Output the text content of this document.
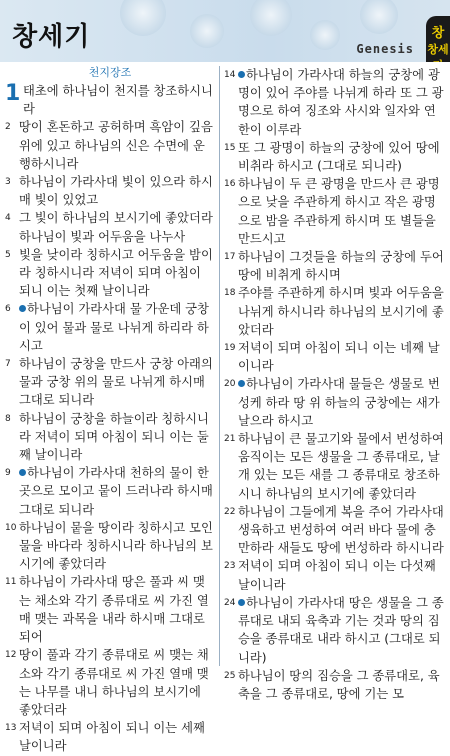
창세기	Genesis
창
창세
천지장조
1 태초에 하나님이 천지를 창조하시니라
2 땅이 혼돈하고 공허하며 흑암이 깊음 위에 있고 하나님의 신은 수면에 운행하시니라
3 하나님이 가라사대 빛이 있으라 하시매 빛이 있었고
4 그 빛이 하나님의 보시기에 좋았더라 하나님이 빛과 어두움을 나누사
5 빛을 낮이라 칭하시고 어두움을 밤이라 칭하시니라 저녁이 되며 아침이 되니 이는 첫째 날이니라
6 하나님이 가라사대 물 가운데 궁창이 있어 물과 물로 나뉘게 하리라 하시고
7 하나님이 궁창을 만드사 궁창 아래의 물과 궁창 위의 물로 나뉘게 하시매 그대로 되니라
8 하나님이 궁창을 하늘이라 칭하시니라 저녁이 되며 아침이 되니 이는 둘째 날이니라
9 하나님이 가라사대 천하의 물이 한 곳으로 모이고 뭍이 드러나라 하시매 그대로 되니라
10 하나님이 뭍을 땅이라 칭하시고 모인 물을 바다라 칭하시니라 하나님의 보시기에 좋았더라
11 하나님이 가라사대 땅은 풀과 씨 맺는 채소와 각기 종류대로 씨 가진 열매 맺는 과목을 내라 하시매 그대로 되어
12 땅이 풀과 각기 종류대로 씨 맺는 채소와 각기 종류대로 씨 가진 열매 맺는 나무를 내니 하나님의 보시기에 좋았더라
13 저녁이 되며 아침이 되니 이는 세째 날이니라
14 하나님이 가라사대 하늘의 궁창에 광명이 있어 주야를 나뉘게 하라 또 그 광명으로 하여 징조와 사시와 일자와 연한이 이루라
15 또 그 광명이 하늘의 궁창에 있어 땅에 비취라 하시고 (그대로 되니라)
16 하나님이 두 큰 광명을 만드사 큰 광명으로 낮을 주관하게 하시고 작은 광명으로 밤을 주관하게 하시며 또 별들을 만드시고
17 하나님이 그것들을 하늘의 궁창에 두어 땅에 비취게 하시며
18 주야를 주관하게 하시며 빛과 어두움을 나뉘게 하시니라 하나님의 보시기에 좋았더라
19 저녁이 되며 아침이 되니 이는 네째 날이니라
20 하나님이 가라사대 물들은 생물로 번성케 하라 땅 위 하늘의 궁창에는 새가 날으라 하시고
21 하나님이 큰 물고기와 물에서 번성하여 움직이는 모든 생물을 그 종류대로, 날개 있는 모든 새를 그 종류대로 창조하시니 하나님의 보시기에 좋았더라
22 하나님이 그들에게 복을 주어 가라사대 생육하고 번성하여 여러 바다 물에 충만하라 새들도 땅에 번성하라 하시니라
23 저녁이 되며 아침이 되니 이는 다섯째 날이니라
24 하나님이 가라사대 땅은 생물을 그 종류대로 내되 육축과 기는 것과 땅의 짐승을 종류대로 내라 하시고 (그대로 되니라)
25 하나님이 땅의 짐승을 그 종류대로, 육축을 그 종류대로, 땅에 기는 모
